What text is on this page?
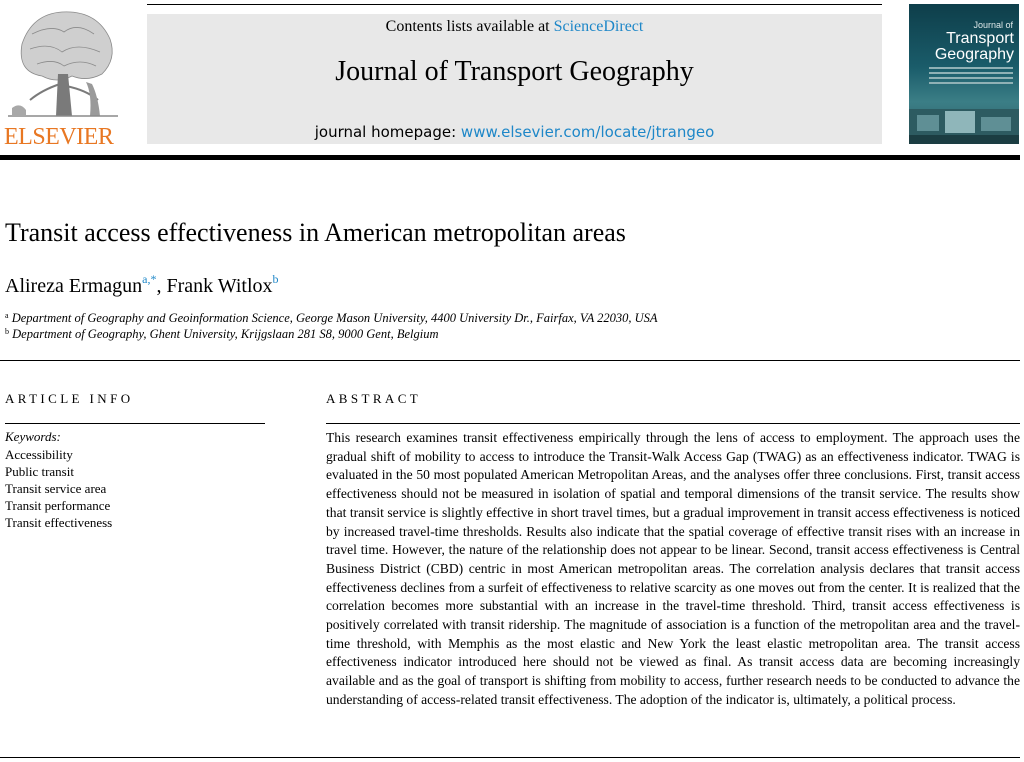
ELSEVIER
Contents lists available at ScienceDirect
Journal of Transport Geography
journal homepage: www.elsevier.com/locate/jtrangeo
Journal of
Transport
Geography
Transit access effectiveness in American metropolitan areas
Alireza Ermagun$^{a,*}$, Frank Witlox$^b$
$^a$ Department of Geography and Geoinformation Science, George Mason University, 4400 University Dr., Fairfax, VA 22030, USA
$^b$ Department of Geography, Ghent University, Krijgslaan 281 S8, 9000 Gent, Belgium
ARTICLE INFO
Keywords:
Accessibility
Public transit
Transit service area
Transit performance
Transit effectiveness
ABSTRACT

This research examines transit effectiveness empirically through the lens of access to employment. The approach uses the gradual shift of mobility to access to introduce the Transit-Walk Access Gap (TWAG) as an effectiveness indicator. TWAG is evaluated in the 50 most populated American Metropolitan Areas, and the analyses offer three conclusions. First, transit access effectiveness should not be measured in isolation of spatial and temporal dimensions of the transit service. The results show that transit service is slightly effective in short travel times, but a gradual improvement in transit access effectiveness is noticed by increased travel-time thresholds. Results also indicate that the spatial coverage of effective transit rises with an increase in travel time. However, the nature of the relationship does not appear to be linear. Second, transit access effectiveness is Central Business District (CBD) centric in most American metropolitan areas. The correlation analysis declares that transit access effectiveness declines from a surfeit of effectiveness to relative scarcity as one moves out from the center. It is realized that the correlation becomes more substantial with an increase in the travel-time threshold. Third, transit access effectiveness is positively correlated with transit ridership. The magnitude of association is a function of the metropolitan area and the travel-time threshold, with Memphis as the most elastic and New York the least elastic metropolitan area. The transit access effectiveness indicator introduced here should not be viewed as final. As transit access data are becoming increasingly available and as the goal of transport is shifting from mobility to access, further research needs to be conducted to advance the understanding of access-related transit effectiveness. The adoption of the indicator is, ultimately, a political process.
